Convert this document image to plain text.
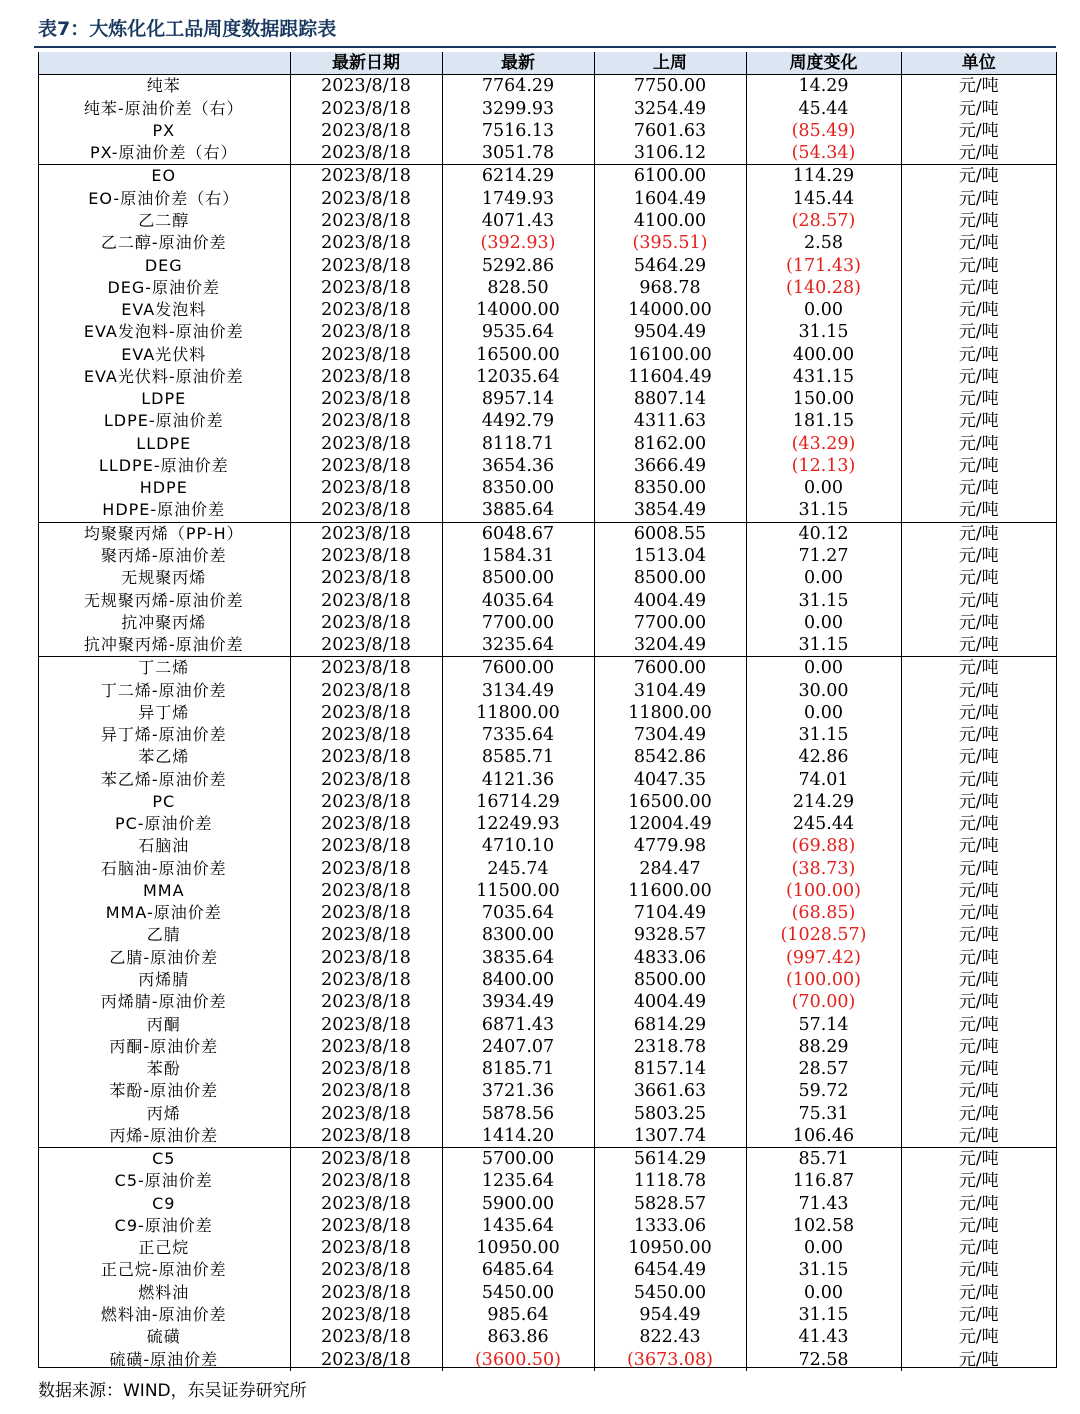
表7：大炼化化工品周度数据跟踪表
	最新日期	最新	上周	周度变化	单位
纯苯	2023/8/18	7764.29	7750.00	14.29	元/吨
纯苯-原油价差（右）	2023/8/18	3299.93	3254.49	45.44	元/吨
PX	2023/8/18	7516.13	7601.63	(85.49)	元/吨
PX-原油价差（右）	2023/8/18	3051.78	3106.12	(54.34)	元/吨
EO	2023/8/18	6214.29	6100.00	114.29	元/吨
EO-原油价差（右）	2023/8/18	1749.93	1604.49	145.44	元/吨
乙二醇	2023/8/18	4071.43	4100.00	(28.57)	元/吨
乙二醇-原油价差	2023/8/18	(392.93)	(395.51)	2.58	元/吨
DEG	2023/8/18	5292.86	5464.29	(171.43)	元/吨
DEG-原油价差	2023/8/18	828.50	968.78	(140.28)	元/吨
EVA发泡料	2023/8/18	14000.00	14000.00	0.00	元/吨
EVA发泡料-原油价差	2023/8/18	9535.64	9504.49	31.15	元/吨
EVA光伏料	2023/8/18	16500.00	16100.00	400.00	元/吨
EVA光伏料-原油价差	2023/8/18	12035.64	11604.49	431.15	元/吨
LDPE	2023/8/18	8957.14	8807.14	150.00	元/吨
LDPE-原油价差	2023/8/18	4492.79	4311.63	181.15	元/吨
LLDPE	2023/8/18	8118.71	8162.00	(43.29)	元/吨
LLDPE-原油价差	2023/8/18	3654.36	3666.49	(12.13)	元/吨
HDPE	2023/8/18	8350.00	8350.00	0.00	元/吨
HDPE-原油价差	2023/8/18	3885.64	3854.49	31.15	元/吨
均聚聚丙烯（PP-H）	2023/8/18	6048.67	6008.55	40.12	元/吨
聚丙烯-原油价差	2023/8/18	1584.31	1513.04	71.27	元/吨
无规聚丙烯	2023/8/18	8500.00	8500.00	0.00	元/吨
无规聚丙烯-原油价差	2023/8/18	4035.64	4004.49	31.15	元/吨
抗冲聚丙烯	2023/8/18	7700.00	7700.00	0.00	元/吨
抗冲聚丙烯-原油价差	2023/8/18	3235.64	3204.49	31.15	元/吨
丁二烯	2023/8/18	7600.00	7600.00	0.00	元/吨
丁二烯-原油价差	2023/8/18	3134.49	3104.49	30.00	元/吨
异丁烯	2023/8/18	11800.00	11800.00	0.00	元/吨
异丁烯-原油价差	2023/8/18	7335.64	7304.49	31.15	元/吨
苯乙烯	2023/8/18	8585.71	8542.86	42.86	元/吨
苯乙烯-原油价差	2023/8/18	4121.36	4047.35	74.01	元/吨
PC	2023/8/18	16714.29	16500.00	214.29	元/吨
PC-原油价差	2023/8/18	12249.93	12004.49	245.44	元/吨
石脑油	2023/8/18	4710.10	4779.98	(69.88)	元/吨
石脑油-原油价差	2023/8/18	245.74	284.47	(38.73)	元/吨
MMA	2023/8/18	11500.00	11600.00	(100.00)	元/吨
MMA-原油价差	2023/8/18	7035.64	7104.49	(68.85)	元/吨
乙腈	2023/8/18	8300.00	9328.57	(1028.57)	元/吨
乙腈-原油价差	2023/8/18	3835.64	4833.06	(997.42)	元/吨
丙烯腈	2023/8/18	8400.00	8500.00	(100.00)	元/吨
丙烯腈-原油价差	2023/8/18	3934.49	4004.49	(70.00)	元/吨
丙酮	2023/8/18	6871.43	6814.29	57.14	元/吨
丙酮-原油价差	2023/8/18	2407.07	2318.78	88.29	元/吨
苯酚	2023/8/18	8185.71	8157.14	28.57	元/吨
苯酚-原油价差	2023/8/18	3721.36	3661.63	59.72	元/吨
丙烯	2023/8/18	5878.56	5803.25	75.31	元/吨
丙烯-原油价差	2023/8/18	1414.20	1307.74	106.46	元/吨
C5	2023/8/18	5700.00	5614.29	85.71	元/吨
C5-原油价差	2023/8/18	1235.64	1118.78	116.87	元/吨
C9	2023/8/18	5900.00	5828.57	71.43	元/吨
C9-原油价差	2023/8/18	1435.64	1333.06	102.58	元/吨
正己烷	2023/8/18	10950.00	10950.00	0.00	元/吨
正己烷-原油价差	2023/8/18	6485.64	6454.49	31.15	元/吨
燃料油	2023/8/18	5450.00	5450.00	0.00	元/吨
燃料油-原油价差	2023/8/18	985.64	954.49	31.15	元/吨
硫磺	2023/8/18	863.86	822.43	41.43	元/吨
硫磺-原油价差	2023/8/18	(3600.50)	(3673.08)	72.58	元/吨
数据来源：WIND，东吴证券研究所
